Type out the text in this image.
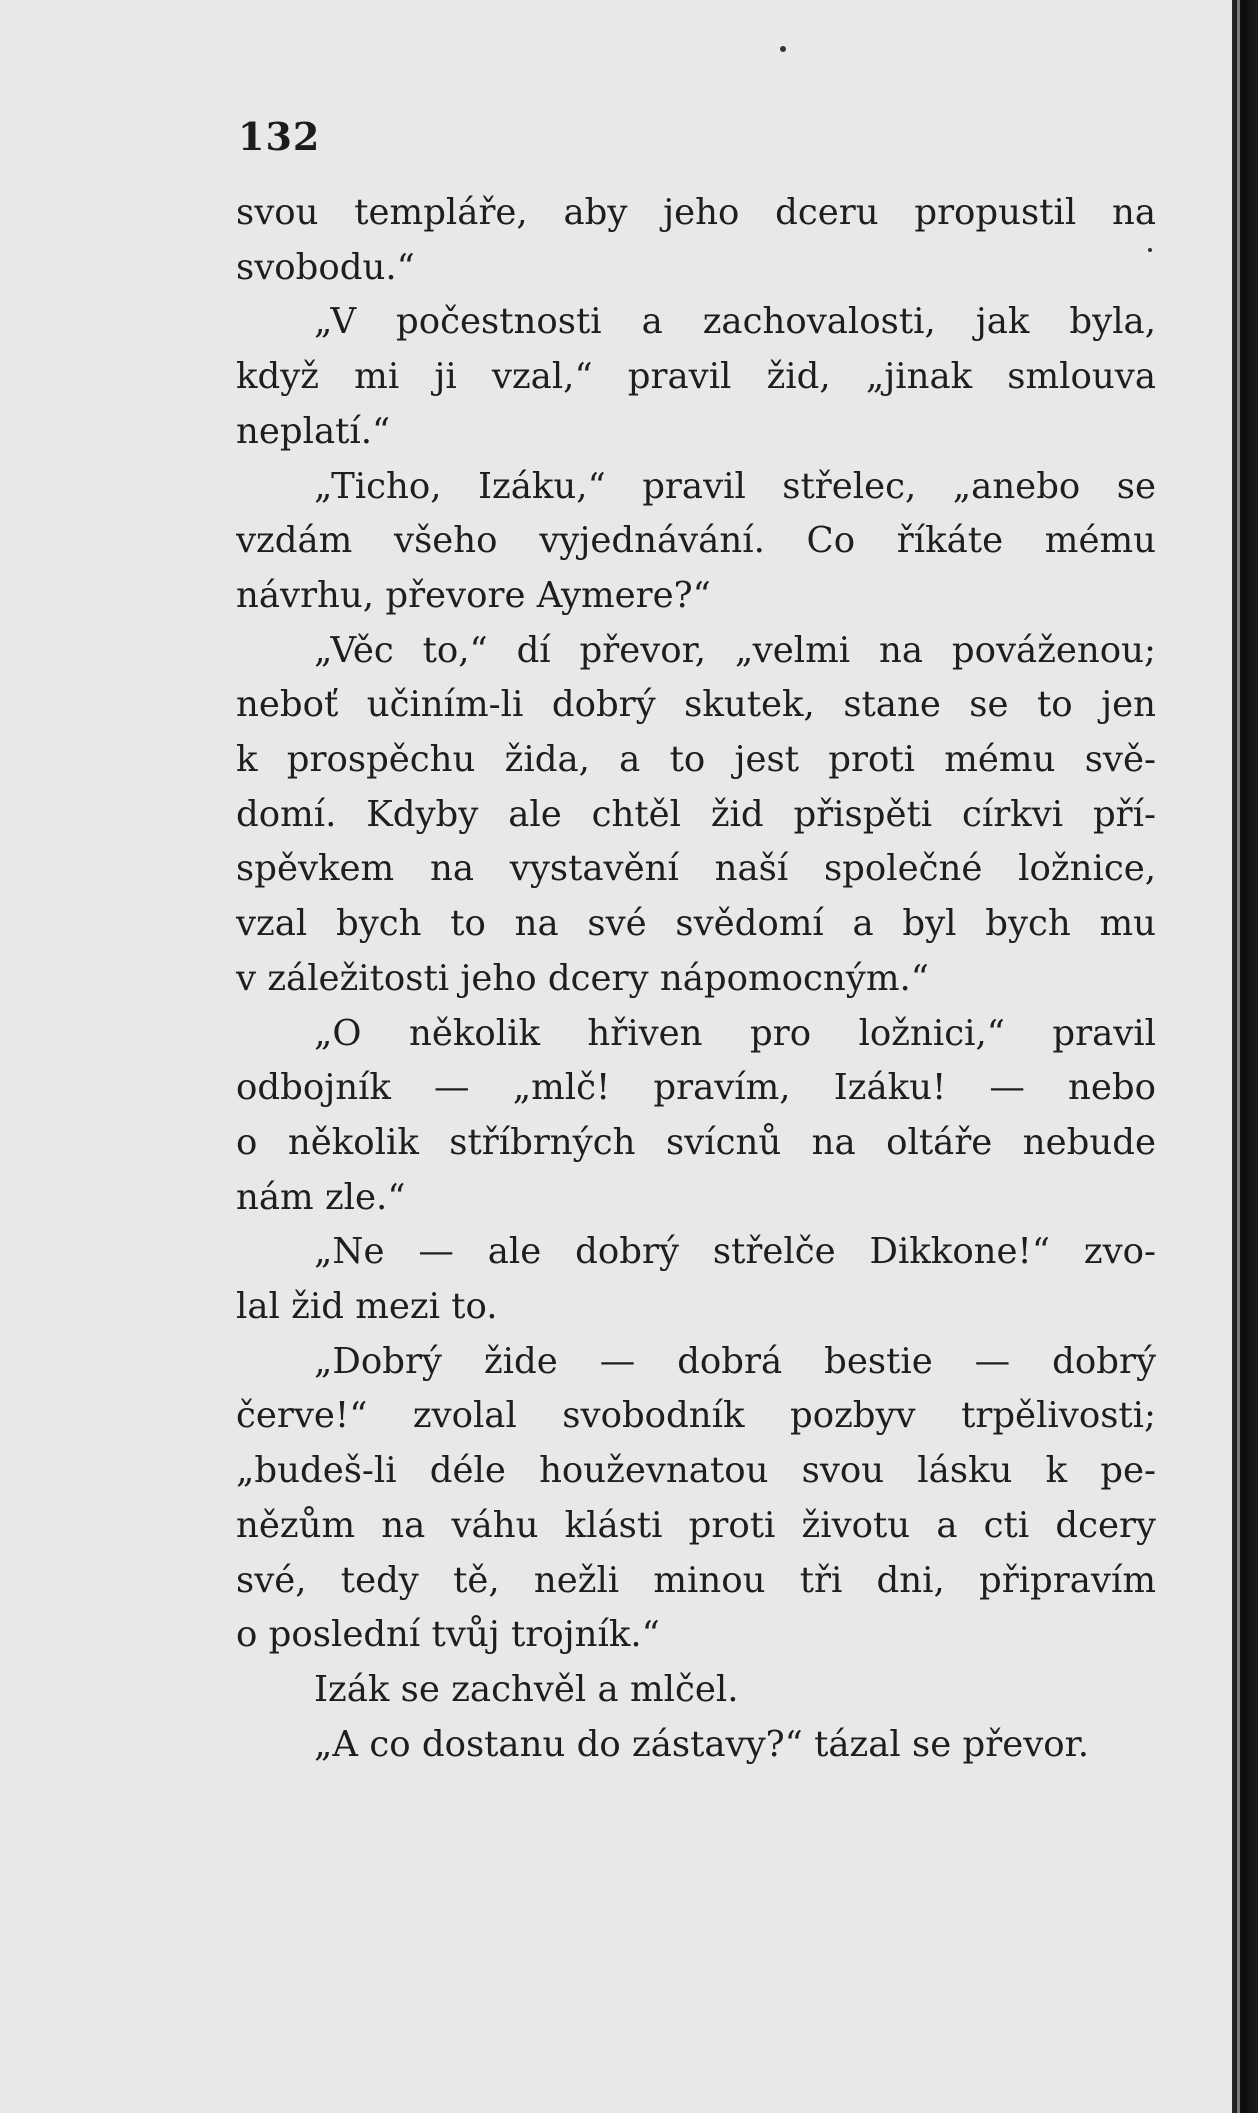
132
svou templáře, aby jeho dceru propustil na
svobodu.“
„V počestnosti a zachovalosti, jak byla,
když mi ji vzal,“ pravil žid, „jinak smlouva
neplatí.“
„Ticho, Izáku,“ pravil střelec, „anebo se
vzdám všeho vyjednávání. Co říkáte mému
návrhu, převore Aymere?“
„Věc to,“ dí převor, „velmi na pováženou;
neboť učiním-li dobrý skutek, stane se to jen
k prospěchu žida, a to jest proti mému svě-
domí. Kdyby ale chtěl žid přispěti církvi pří-
spěvkem na vystavění naší společné ložnice,
vzal bych to na své svědomí a byl bych mu
v záležitosti jeho dcery nápomocným.“
„O několik hřiven pro ložnici,“ pravil
odbojník — „mlč! pravím, Izáku! — nebo
o několik stříbrných svícnů na oltáře nebude
nám zle.“
„Ne — ale dobrý střelče Dikkone!“ zvo-
lal žid mezi to.
„Dobrý žide — dobrá bestie — dobrý
červe!“ zvolal svobodník pozbyv trpělivosti;
„budeš-li déle houževnatou svou lásku k pe-
nězům na váhu klásti proti životu a cti dcery
své, tedy tě, nežli minou tři dni, připravím
o poslední tvůj trojník.“
Izák se zachvěl a mlčel.
„A co dostanu do zástavy?“ tázal se převor.
